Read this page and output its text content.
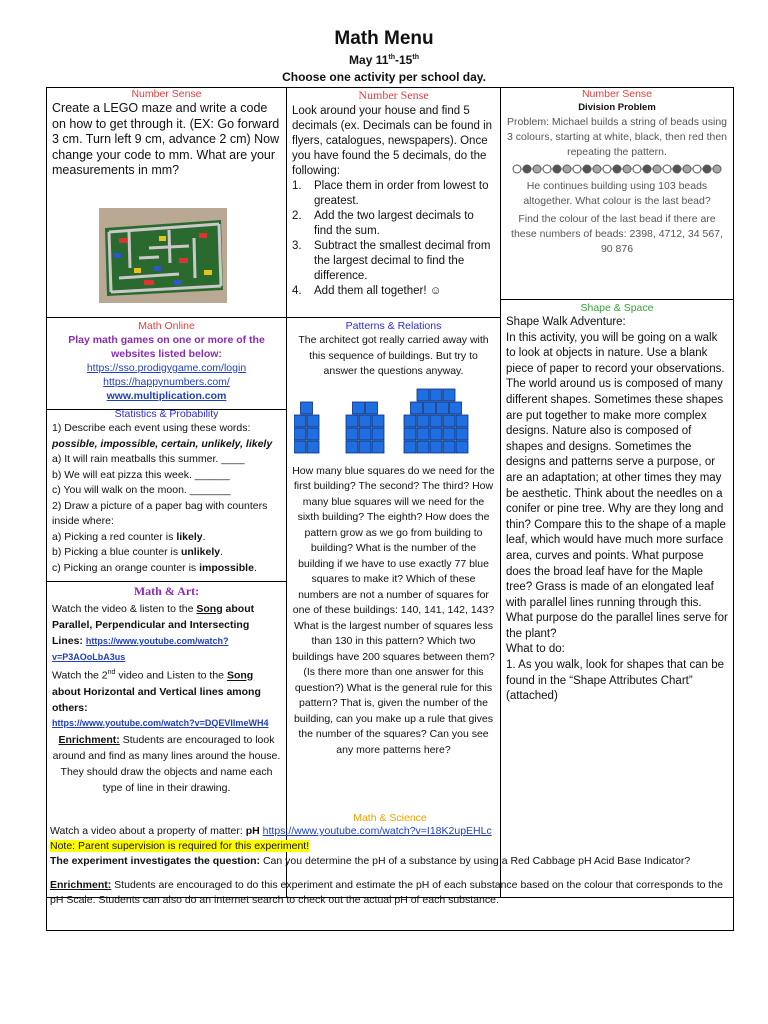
Math Menu
May 11th-15th
Choose one activity per school day.
Number Sense

Create a LEGO maze and write a code on how to get through it. (EX: Go forward 3 cm. Turn left 9 cm, advance 2 cm) Now change your code to mm. What are your measurements in mm?

Number Sense

Look around your house and find 5 decimals (ex. Decimals can be found in flyers, catalogues, newspapers). Once you have found the 5 decimals, do the following:

1.	Place them in order from lowest to greatest.
2.	Add the two largest decimals to find the sum.
3.	Subtract the smallest decimal from the largest decimal to find the difference.
4.	Add them all together! ☺
Number Sense
Division Problem

Problem: Michael builds a string of beads using 3 colours, starting at white, black, then red then repeating the pattern.

He continues building using 103 beads altogether. What colour is the last bead?

Find the colour of the last bead if there are these numbers of beads: 2398, 4712, 34 567, 90 876

Math Online

Play math games on one or more of the websites listed below:

https://sso.prodigygame.com/login
https://happynumbers.com/
www.multiplication.com
Statistics & Probability

1) Describe each event using these words:

possible, impossible, certain, unlikely, likely

a) It will rain meatballs this summer. ____

b) We will eat pizza this week. ______

c) You will walk on the moon. _______

2) Draw a picture of a paper bag with counters inside where:

a) Picking a red counter is likely.

b) Picking a blue counter is unlikely.

c) Picking an orange counter is impossible.

Math & Art:

Watch the video & listen to the Song about Parallel, Perpendicular and Intersecting Lines: https://www.youtube.com/watch?v=P3AOoLbA3us

Watch the 2nd video and Listen to the Song about Horizontal and Vertical lines among others:

https://www.youtube.com/watch?v=DQEVllmeWH4

Enrichment: Students are encouraged to look around and find as many lines around the house. They should draw the objects and name each type of line in their drawing.

Patterns & Relations

The architect got really carried away with this sequence of buildings. But try to answer the questions anyway.

How many blue squares do we need for the first building? The second? The third? How many blue squares will we need for the sixth building? The eighth? How does the pattern grow as we go from building to building? What is the number of the building if we have to use exactly 77 blue squares to make it? Which of these numbers are not a number of squares for one of these buildings: 140, 141, 142, 143? What is the largest number of squares less than 130 in this pattern? Which two buildings have 200 squares between them? (Is there more than one answer for this question?) What is the general rule for this pattern? That is, given the number of the building, can you make up a rule that gives the number of the squares? Can you see any more patterns here?

Shape & Space

Shape Walk Adventure:
In this activity, you will be going on a walk to look at objects in nature. Use a blank piece of paper to record your observations. The world around us is composed of many different shapes. Sometimes these shapes are put together to make more complex designs. Nature also is composed of shapes and designs. Sometimes the designs and patterns serve a purpose, or are an adaptation; at other times they may be aesthetic. Think about the needles on a conifer or pine tree. Why are they long and thin? Compare this to the shape of a maple leaf, which would have much more surface area, curves and points. What purpose does the broad leaf have for the Maple tree? Grass is made of an elongated leaf with parallel lines running through this. What purpose do the parallel lines serve for the plant?
What to do:
1. As you walk, look for shapes that can be found in the “Shape Attributes Chart” (attached)

Math & Science

Watch a video about a property of matter: pH https://www.youtube.com/watch?v=I18K2upEHLc

Note: Parent supervision is required for this experiment!

The experiment investigates the question: Can you determine the pH of a substance by using a Red Cabbage pH Acid Base Indicator?

Enrichment: Students are encouraged to do this experiment and estimate the pH of each substance based on the colour that corresponds to the pH Scale. Students can also do an internet search to check out the actual pH of each substance.
